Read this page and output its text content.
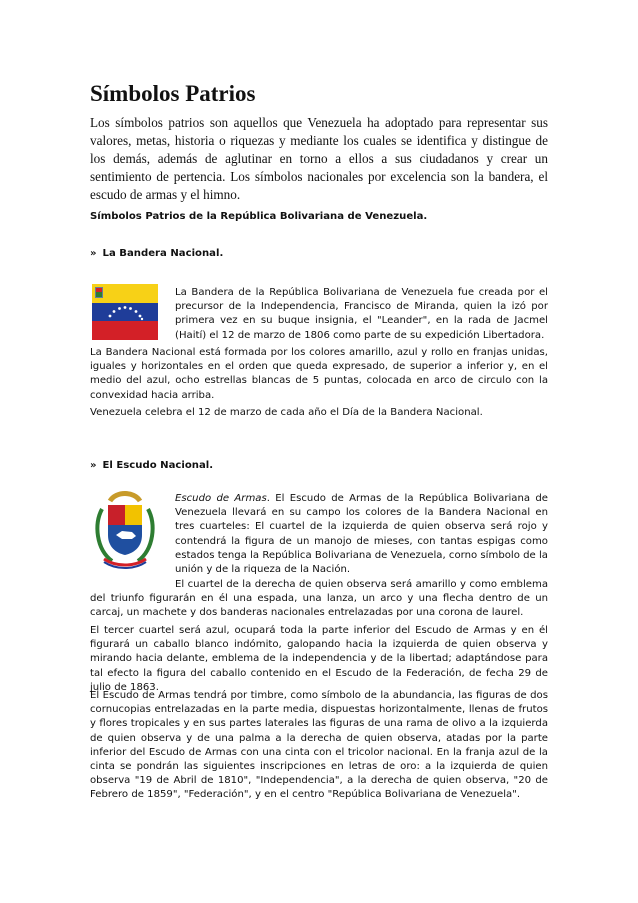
Símbolos Patrios

Los símbolos patrios son aquellos que Venezuela ha adoptado para representar sus valores, metas, historia o riquezas y mediante los cuales se identifica y distingue de los demás, además de aglutinar en torno a ellos a sus ciudadanos y crear un sentimiento de pertencia. Los símbolos nacionales por excelencia son la bandera, el escudo de armas y el himno.

Símbolos Patrios de la República Bolivariana de Venezuela.

» La Bandera Nacional.

La Bandera de la República Bolivariana de Venezuela fue creada por el precursor de la Independencia, Francisco de Miranda, quien la izó por primera vez en su buque insignia, el "Leander", en la rada de Jacmel (Haití) el 12 de marzo de 1806 como parte de su expedición Libertadora.

La Bandera Nacional está formada por los colores amarillo, azul y rollo en franjas unidas, iguales y horizontales en el orden que queda expresado, de superior a inferior y, en el medio del azul, ocho estrellas blancas de 5 puntas, colocada en arco de circulo con la convexidad hacia arriba.

Venezuela celebra el 12 de marzo de cada año el Día de la Bandera Nacional.

» El Escudo Nacional.

Escudo de Armas. El Escudo de Armas de la República Bolivariana de Venezuela llevará en su campo los colores de la Bandera Nacional en tres cuarteles: El cuartel de la izquierda de quien observa será rojo y contendrá la figura de un manojo de mieses, con tantas espigas como estados tenga la República Bolivariana de Venezuela, corno símbolo de la unión y de la riqueza de la Nación.

El cuartel de la derecha de quien observa será amarillo y como emblema del triunfo figurarán en él una espada, una lanza, un arco y una flecha dentro de un carcaj, un machete y dos banderas nacionales entrelazadas por una corona de laurel.

El tercer cuartel será azul, ocupará toda la parte inferior del Escudo de Armas y en él figurará un caballo blanco indómito, galopando hacia la izquierda de quien observa y mirando hacia delante, emblema de la independencia y de la libertad; adaptándose para tal efecto la figura del caballo contenido en el Escudo de la Federación, de fecha 29 de julio de 1863.

El Escudo de Armas tendrá por timbre, como símbolo de la abundancia, las figuras de dos cornucopias entrelazadas en la parte media, dispuestas horizontalmente, llenas de frutos y flores tropicales y en sus partes laterales las figuras de una rama de olivo a la izquierda de quien observa y de una palma a la derecha de quien observa, atadas por la parte inferior del Escudo de Armas con una cinta con el tricolor nacional. En la franja azul de la cinta se pondrán las siguientes inscripciones en letras de oro: a la izquierda de quien observa "19 de Abril de 1810", "Independencia", a la derecha de quien observa, "20 de Febrero de 1859", "Federación", y en el centro "República Bolivariana de Venezuela".
